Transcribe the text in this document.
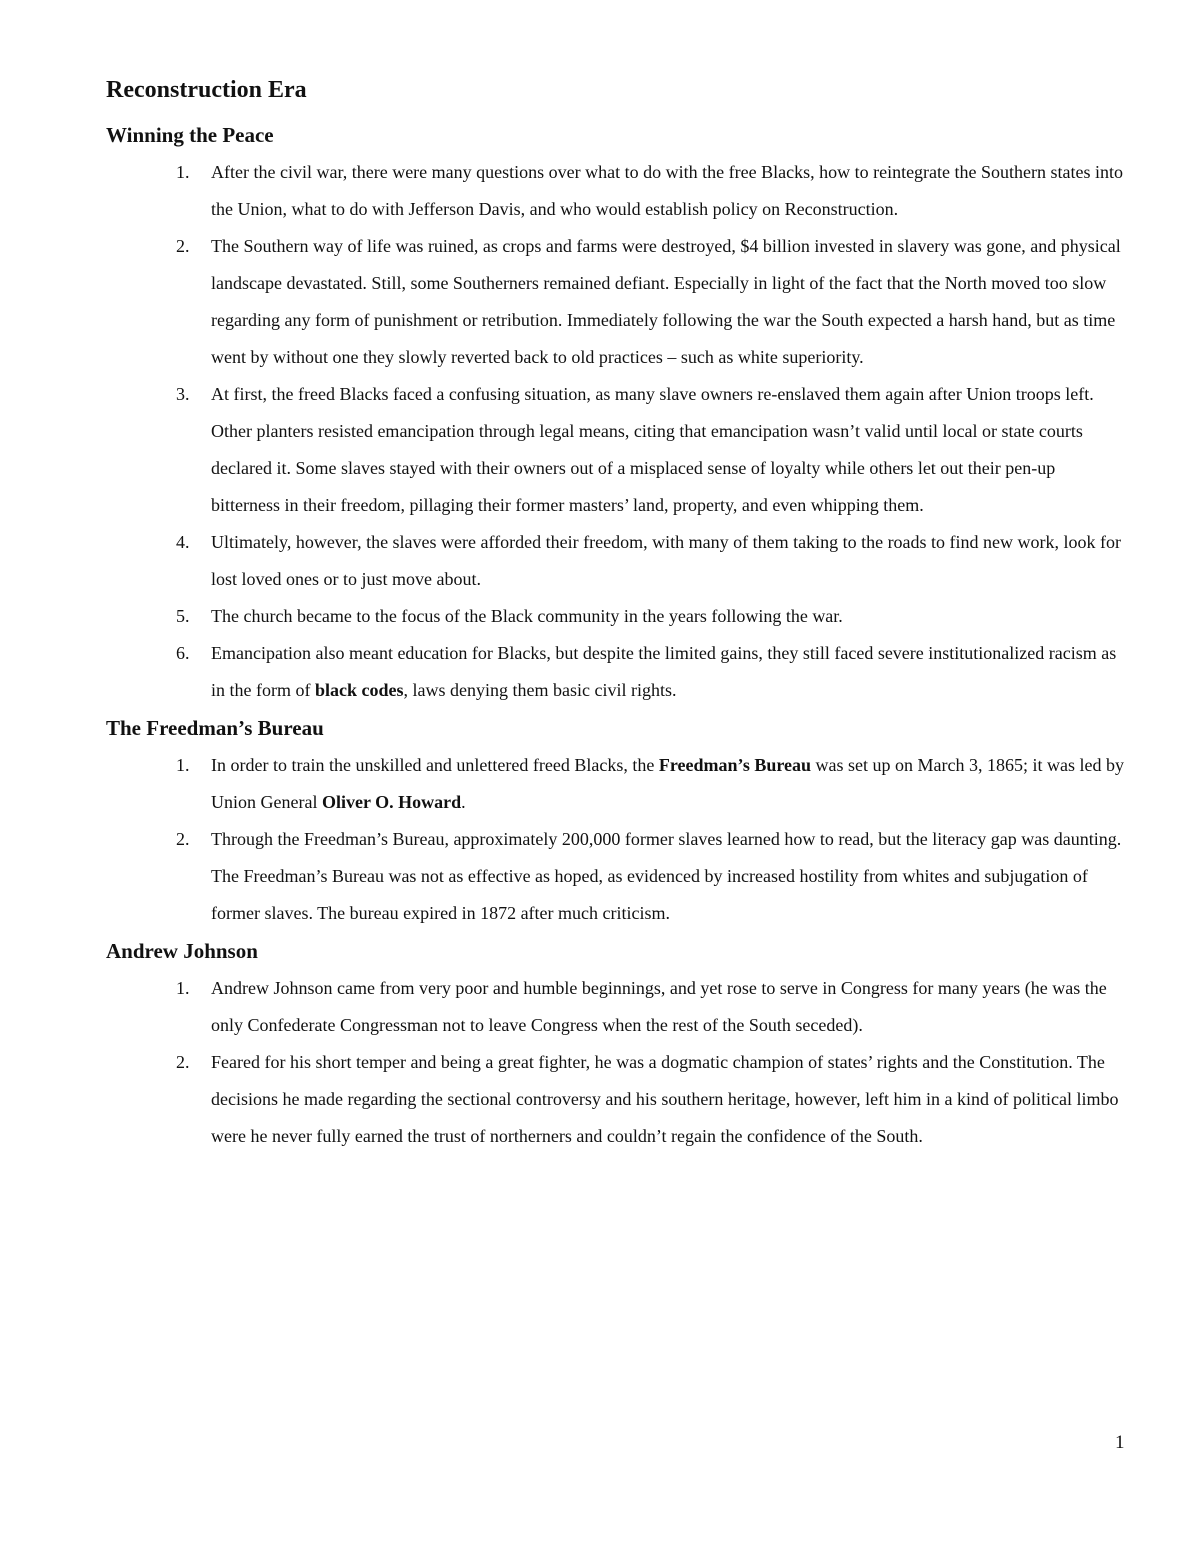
Reconstruction Era
Winning the Peace
1. After the civil war, there were many questions over what to do with the free Blacks, how to reintegrate the Southern states into the Union, what to do with Jefferson Davis, and who would establish policy on Reconstruction.
2. The Southern way of life was ruined, as crops and farms were destroyed, $4 billion invested in slavery was gone, and physical landscape devastated. Still, some Southerners remained defiant. Especially in light of the fact that the North moved too slow regarding any form of punishment or retribution. Immediately following the war the South expected a harsh hand, but as time went by without one they slowly reverted back to old practices – such as white superiority.
3. At first, the freed Blacks faced a confusing situation, as many slave owners re-enslaved them again after Union troops left. Other planters resisted emancipation through legal means, citing that emancipation wasn’t valid until local or state courts declared it. Some slaves stayed with their owners out of a misplaced sense of loyalty while others let out their pen-up bitterness in their freedom, pillaging their former masters’ land, property, and even whipping them.
4. Ultimately, however, the slaves were afforded their freedom, with many of them taking to the roads to find new work, look for lost loved ones or to just move about.
5. The church became to the focus of the Black community in the years following the war.
6. Emancipation also meant education for Blacks, but despite the limited gains, they still faced severe institutionalized racism as in the form of black codes, laws denying them basic civil rights.
The Freedman’s Bureau
1. In order to train the unskilled and unlettered freed Blacks, the Freedman’s Bureau was set up on March 3, 1865; it was led by Union General Oliver O. Howard.
2. Through the Freedman’s Bureau, approximately 200,000 former slaves learned how to read, but the literacy gap was daunting. The Freedman’s Bureau was not as effective as hoped, as evidenced by increased hostility from whites and subjugation of former slaves. The bureau expired in 1872 after much criticism.
Andrew Johnson
1. Andrew Johnson came from very poor and humble beginnings, and yet rose to serve in Congress for many years (he was the only Confederate Congressman not to leave Congress when the rest of the South seceded).
2. Feared for his short temper and being a great fighter, he was a dogmatic champion of states’ rights and the Constitution. The decisions he made regarding the sectional controversy and his southern heritage, however, left him in a kind of political limbo were he never fully earned the trust of northerners and couldn’t regain the confidence of the South.
1
